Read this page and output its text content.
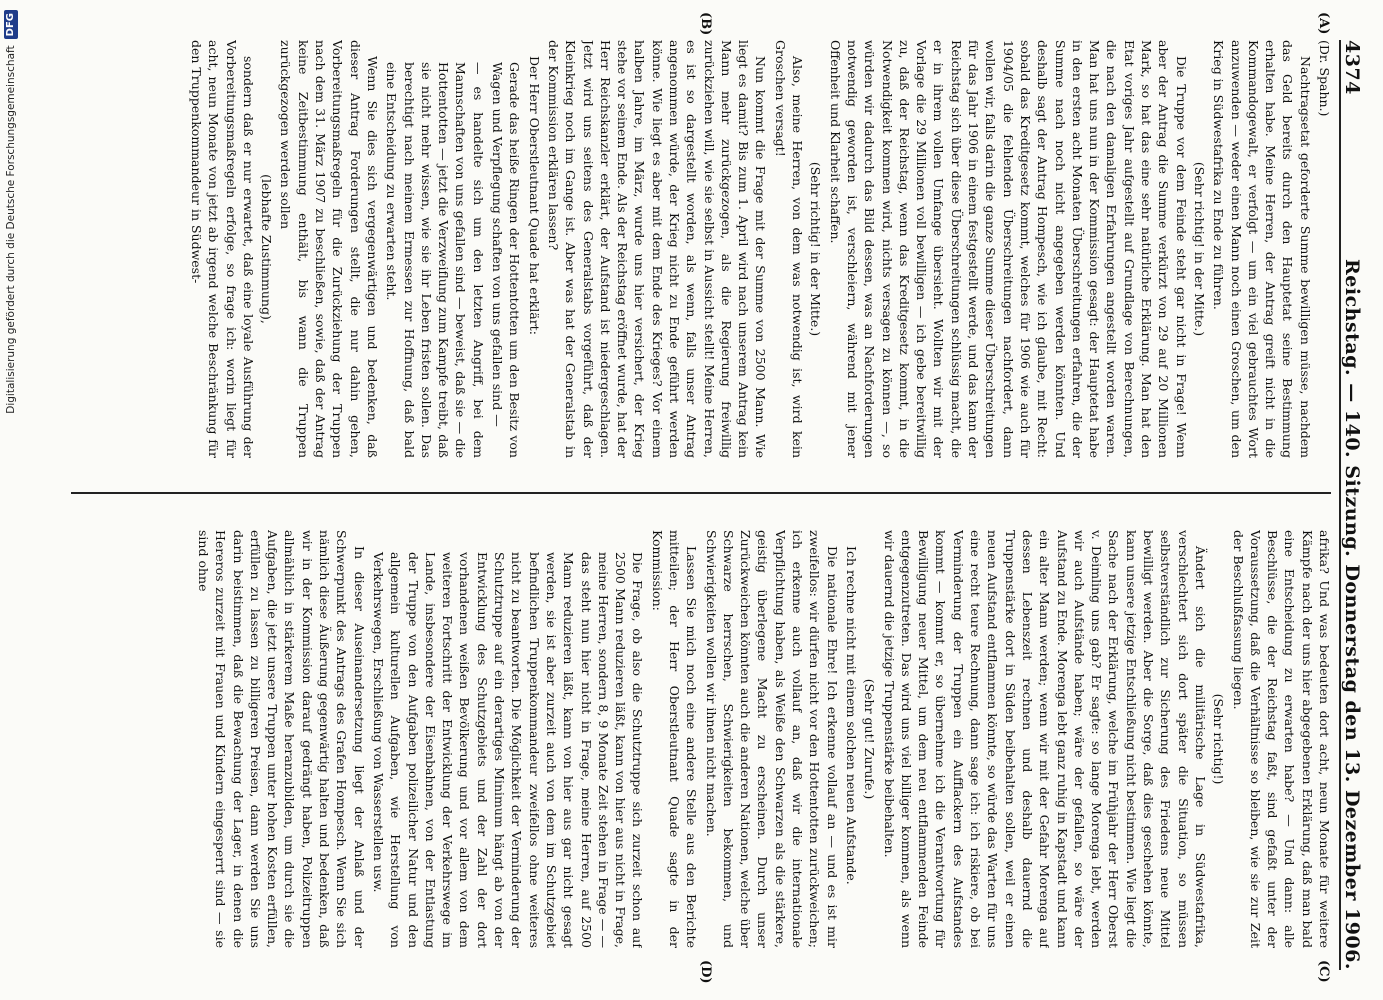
4374
Reichstag. — 140. Sitzung. Donnerstag den 13. Dezember 1906.
(A)
(B)
(C)
(D)

(Dr. Spahn.)

Nachtragsetat geforderte Summe bewilligen müsse, nachdem das Geld bereits durch den Hauptetat seine Bestimmung erhalten habe. Meine Herren, der Antrag greift nicht in die Kommandogewalt, er verfolgt — um ein viel gebrauchtes Wort anzuwenden — weder einen Mann noch einen Groschen, um den Krieg in Südwestafrika zu Ende zu führen.

(Sehr richtig! in der Mitte.)

Die Truppe vor dem Feinde steht gar nicht in Frage! Wenn aber der Antrag die Summe verkürzt von 29 auf 20 Millionen Mark, so hat das eine sehr natürliche Erklärung. Man hat den Etat voriges Jahr aufgestellt auf Grundlage von Berechnungen, die nach den damaligen Erfahrungen angestellt worden waren. Man hat uns nun in der Kommission gesagt: der Hauptetat habe in den ersten acht Monaten Überschreitungen erfahren, die der Summe nach noch nicht angegeben werden könnten. Und deshalb sagt der Antrag Hompesch, wie ich glaube, mit Recht: sobald das Kreditgesetz kommt, welches für 1906 wie auch für 1904/05 die fehlenden Überschreitungen nachfordert, dann wollen wir, falls darin die ganze Summe dieser Überschreitungen für das Jahr 1906 in einem festgestellt werde, und das kann der Reichstag sich über diese Überschreitungen schlüssig macht, die er in ihrem vollen Umfange übersieht. Wollten wir mit der Vorlage die 29 Millionen voll bewilligen — ich gebe bereitwillig zu, daß der Reichstag, wenn das Kreditgesetz kommt, in die Notwendigkeit kommen wird, nichts versagen zu können —, so würden wir dadurch das Bild dessen, was an Nachforderungen notwendig geworden ist, verschleiern, während mit jener Offenheit und Klarheit schaffen.

(Sehr richtig! in der Mitte.)

Also, meine Herren, von dem was notwendig ist, wird kein Groschen versagt!

Nun kommt die Frage mit der Summe von 2500 Mann. Wie liegt es damit? Bis zum 1. April wird nach unserem Antrag kein Mann mehr zurückgezogen, als die Regierung freiwillig zurückziehen will, wie sie selbst in Aussicht stellt! Meine Herren, es ist so dargestellt worden, als wenn, falls unser Antrag angenommen würde, der Krieg nicht zu Ende geführt werden könne. Wie liegt es aber mit dem Ende des Krieges? Vor einem halben Jahre, im März, wurde uns hier versichert, der Krieg stehe vor seinem Ende. Als der Reichstag eröffnet wurde, hat der Herr Reichskanzler erklärt, der Aufstand ist niedergeschlagen. Jetzt wird uns seitens des Generalstabs vorgeführt, daß der Kleinkrieg noch im Gange ist. Aber was hat der Generalstab in der Kommission erklären lassen?

Der Herr Oberstleutnant Quade hat erklärt:

Gerade das heiße Ringen der Hottentotten um den Besitz von Wagen und Verpflegung schaften von uns gefallen sind —

— es handelte sich um den letzten Angriff, bei dem Mannschaften von uns gefallen sind — beweist, daß sie — die Hottentotten — jetzt die Verzweiflung zum Kampfe treibt, daß sie nicht mehr wissen, wie sie ihr Leben fristen sollen. Das berechtigt nach meinem Ermessen zur Hoffnung, daß bald eine Entscheidung zu erwarten steht.

Wenn Sie dies sich vergegenwärtigen und bedenken, daß dieser Antrag Forderungen stellt, die nur dahin gehen, Vorbereitungsmaßregeln für die Zurückziehung der Truppen nach dem 31. März 1907 zu beschließen, sowie, daß der Antrag keine Zeitbestimmung enthält, bis wann die Truppen zurückgezogen werden sollen

(lebhafte Zustimmung),

sondern daß er nur erwartet, daß eine loyale Ausführung der Vorbereitungsmaßregeln erfolge, so frage ich: worin liegt für acht, neun Monate von jetzt ab irgend welche Beschränkung für den Truppenkommandeur in Südwest-

afrika? Und was bedeuten dort acht, neun Monate für weitere Kämpfe nach der uns hier abgegebenen Erklärung, daß man bald eine Entscheidung zu erwarten habe? — Und dann: alle Beschlüsse, die der Reichstag faßt, sind gefaßt unter der Voraussetzung, daß die Verhältnisse so bleiben, wie sie zur Zeit der Beschlußfassung liegen.

(Sehr richtig!)

Ändert sich die militärische Lage in Südwestafrika, verschlechtert sich dort später die Situation, so müssen selbstverständlich zur Sicherung des Friedens neue Mittel bewilligt werden. Aber die Sorge, daß dies geschehen könnte, kann unsere jetzige Entschließung nicht bestimmen. Wie liegt die Sache nach der Erklärung, welche im Frühjahr der Herr Oberst v. Deimling uns gab? Er sagte: so lange Morenga lebt, werden wir auch Aufstände haben; wäre der gefallen, so wäre der Aufstand zu Ende. Morenga lebt ganz ruhig in Kapstadt und kann ein alter Mann werden; wenn wir mit der Gefahr Morenga auf dessen Lebenszeit rechnen und deshalb dauernd die Truppenstärke dort in Süden beibehalten sollen, weil er einen neuen Aufstand entflammen könnte, so würde das Warten für uns eine recht teure Rechnung, dann sage ich: ich riskiere, ob bei Verminderung der Truppen ein Aufflackern des Aufstandes kommt — kommt er, so übernehme ich die Verantwortung für Bewilligung neuer Mittel, um dem neu entflammenden Feinde entgegenzutreten. Das wird uns viel billiger kommen, als wenn wir dauernd die jetzige Truppenstärke beibehalten.

(Sehr gut! Zurufe.)

Ich rechne nicht mit einem solchen neuen Aufstande.

Die nationale Ehre! Ich erkenne vollauf an — und es ist mir zweifellos: wir dürfen nicht vor den Hottentotten zurückweichen; ich erkenne auch vollauf an, daß wir die internationale Verpflichtung haben, als Weiße den Schwarzen als die stärkere, geistig überlegene Macht zu erscheinen. Durch unser Zurückweichen könnten auch die anderen Nationen, welche über Schwarze herrschen, Schwierigkeiten bekommen, und Schwierigkeiten wollen wir ihnen nicht machen.

Lassen Sie mich noch eine andere Stelle aus den Berichte mitteilen; der Herr Oberstleutnant Quade sagte in der Kommission:

Die Frage, ob also die Schutztruppe sich zurzeit schon auf 2500 Mann reduzieren läßt, kann von hier aus nicht in Frage, meine Herren, sondern 8, 9 Monate Zeit stehen in Frage — — das steht nun hier nicht in Frage, meine Herren, auf 2500 Mann reduzieren läßt, kann von hier aus gar nicht gesagt werden, sie ist aber zurzeit auch von dem im Schutzgebiet befindlichen Truppenkommandeur zweifellos ohne weiteres nicht zu beantworten. Die Möglichkeit der Verminderung der Schutztruppe auf ein derartiges Minimum hängt ab von der Entwicklung des Schutzgebiets und der Zahl der dort vorhandenen weißen Bevölkerung und vor allem von dem weiteren Fortschritt der Entwicklung der Verkehrswege im Lande, insbesondere der Eisenbahnen, von der Entlastung der Truppe von den Aufgaben polizeilicher Natur und den allgemein kulturellen Aufgaben, wie Herstellung von Verkehrswegen, Erschließung von Wasserstellen usw.

In dieser Auseinandersetzung liegt der Anlaß und der Schwerpunkt des Antrags des Grafen Hompesch. Wenn Sie sich nämlich diese Äußerung gegenwärtig halten und bedenken, daß wir in der Kommission darauf gedrängt haben, Polizeitruppen allmählich in stärkerem Maße heranzubilden, um durch sie die Aufgaben, die jetzt unsere Truppen unter hohen Kosten erfüllen, erfüllen zu lassen zu billigeren Preisen, dann werden Sie uns darin beistimmen, daß die Bewachung der Lager, in denen die Hereros zurzeit mit Frauen und Kindern eingesperrt sind — sie sind ohne

Digitalisierung gefördert durch die Deutsche Forschungsgemeinschaft
DFG
